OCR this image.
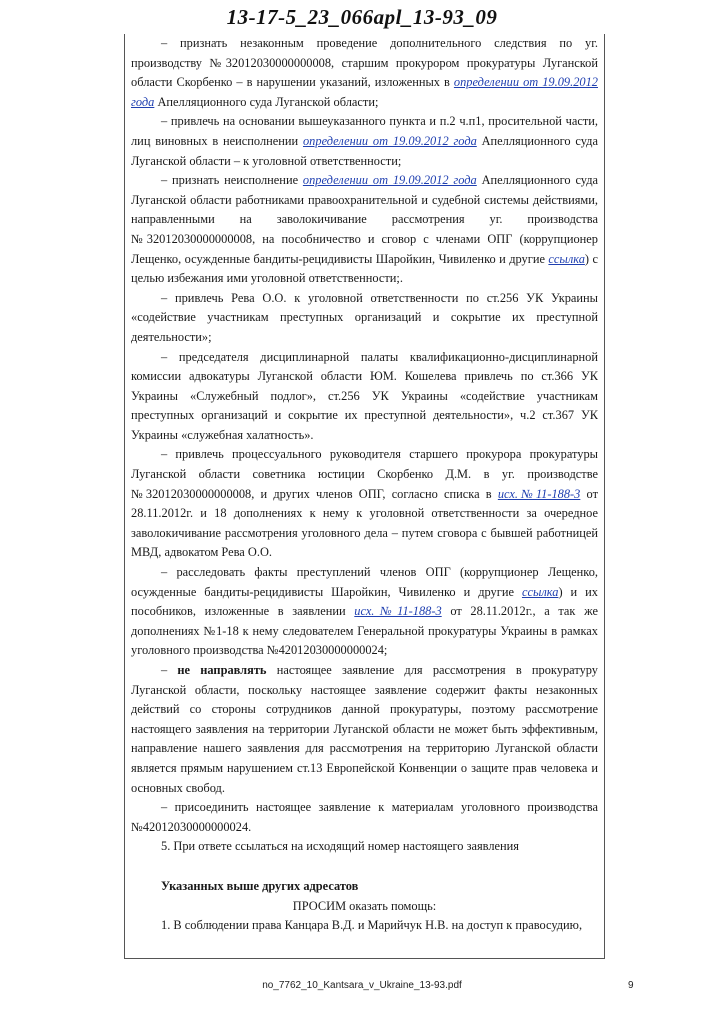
13-17-5_23_066apl_13-93_09

– признать незаконным проведение дополнительного следствия по уг. производству №32012030000000008, старшим прокурором прокуратуры Луганской области Скорбенко – в нарушении указаний, изложенных в определении от 19.09.2012 года Апелляционного суда Луганской области;

– привлечь на основании вышеуказанного пункта и п.2 ч.п1, просительной части, лиц виновных в неисполнении определении от 19.09.2012 года Апелляционного суда Луганской области – к уголовной ответственности;

– признать неисполнение определении от 19.09.2012 года Апелляционного суда Луганской области работниками правоохранительной и судебной системы действиями, направленными на заволокичивание рассмотрения уг. производства №32012030000000008, на пособничество и сговор с членами ОПГ (коррупционер Лещенко, осужденные бандиты-рецидивисты Шаройкин, Чивиленко и другие ссылка) с целью избежания ими уголовной ответственности;.

– привлечь Рева О.О. к уголовной ответственности по ст.256 УК Украины «содействие участникам преступных организаций и сокрытие их преступной деятельности»;

– председателя дисциплинарной палаты квалификационно-дисциплинарной комиссии адвокатуры Луганской области ЮМ. Кошелева привлечь по ст.366 УК Украины «Служебный подлог», ст.256 УК Украины «содействие участникам преступных организаций и сокрытие их преступной деятельности», ч.2 ст.367 УК Украины «служебная халатность».

– привлечь процессуального руководителя старшего прокурора прокуратуры Луганской области советника юстиции Скорбенко Д.М. в уг. производстве №32012030000000008, и других членов ОПГ, согласно списка в исх.№11-188-3 от 28.11.2012г. и 18 дополнениях к нему к уголовной ответственности за очередное заволокичивание рассмотрения уголовного дела – путем сговора с бывшей работницей МВД, адвокатом Рева О.О.

– расследовать факты преступлений членов ОПГ (коррупционер Лещенко, осужденные бандиты-рецидивисты Шаройкин, Чивиленко и другие ссылка) и их пособников, изложенные в заявлении исх.№11-188-3 от 28.11.2012г., а так же дополнениях №1-18 к нему следователем Генеральной прокуратуры Украины в рамках уголовного производства №42012030000000024;

– не направлять настоящее заявление для рассмотрения в прокуратуру Луганской области, поскольку настоящее заявление содержит факты незаконных действий со стороны сотрудников данной прокуратуры, поэтому рассмотрение настоящего заявления на территории Луганской области не может быть эффективным, направление нашего заявления для рассмотрения на территорию Луганской области является прямым нарушением ст.13 Европейской Конвенции о защите прав человека и основных свобод.

– присоединить настоящее заявление к материалам уголовного производства №42012030000000024.

5. При ответе ссылаться на исходящий номер настоящего заявления

Указанных выше других адресатов

ПРОСИМ оказать помощь:

1. В соблюдении права Канцара В.Д. и Марийчук Н.В. на доступ к правосудию,

no_7762_10_Kantsara_v_Ukraine_13-93.pdf	9
